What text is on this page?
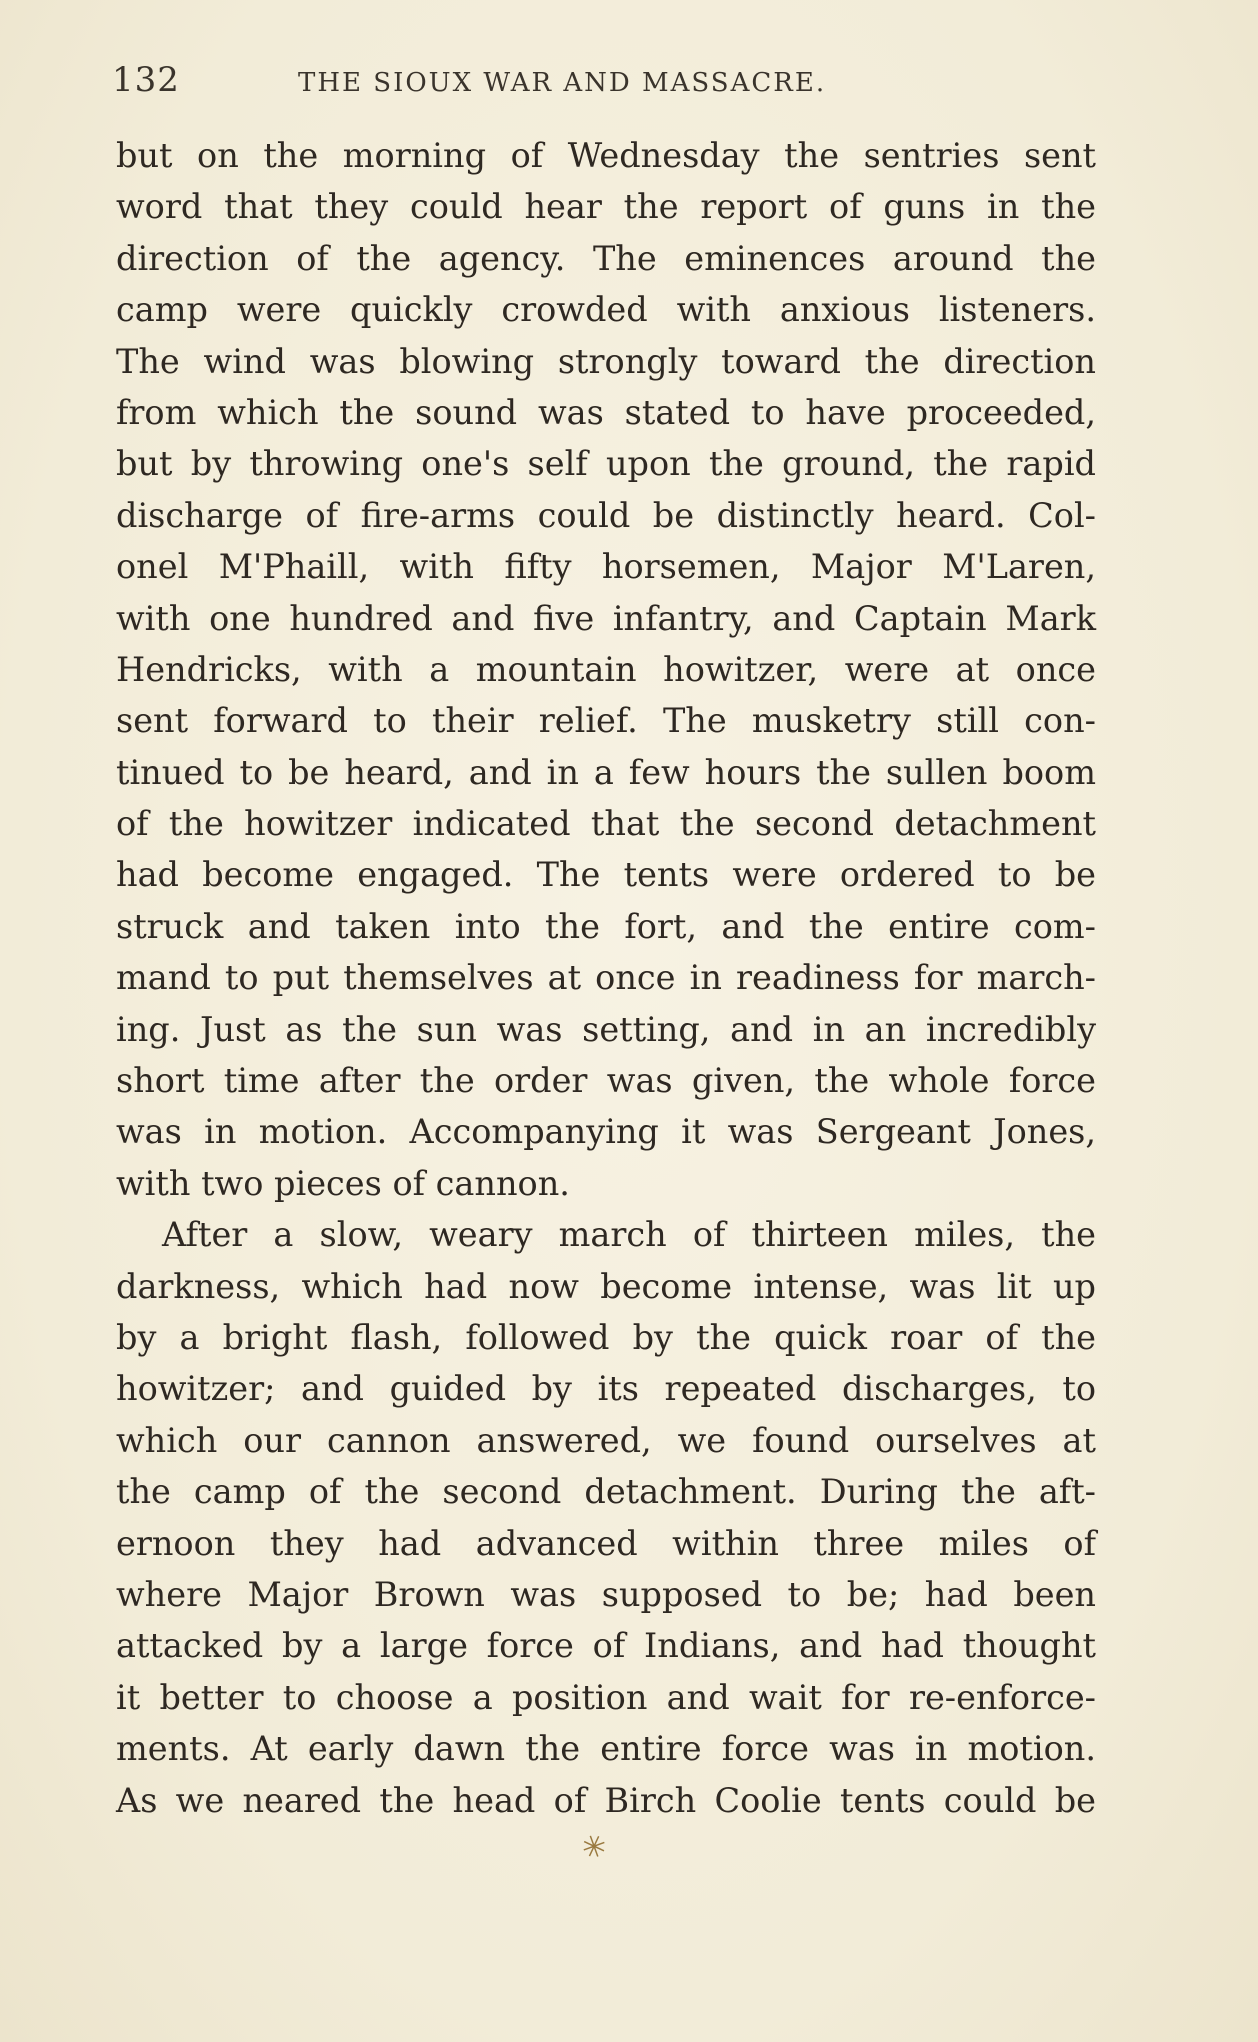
132	THE SIOUX WAR AND MASSACRE.
but on the morning of Wednesday the sentries sent
word that they could hear the report of guns in the
direction of the agency. The eminences around the
camp were quickly crowded with anxious listeners.
The wind was blowing strongly toward the direction
from which the sound was stated to have proceeded,
but by throwing one's self upon the ground, the rapid
discharge of fire-arms could be distinctly heard. Col-
onel M'Phaill, with fifty horsemen, Major M'Laren,
with one hundred and five infantry, and Captain Mark
Hendricks, with a mountain howitzer, were at once
sent forward to their relief. The musketry still con-
tinued to be heard, and in a few hours the sullen boom
of the howitzer indicated that the second detachment
had become engaged. The tents were ordered to be
struck and taken into the fort, and the entire com-
mand to put themselves at once in readiness for march-
ing. Just as the sun was setting, and in an incredibly
short time after the order was given, the whole force
was in motion. Accompanying it was Sergeant Jones,
with two pieces of cannon.
After a slow, weary march of thirteen miles, the
darkness, which had now become intense, was lit up
by a bright flash, followed by the quick roar of the
howitzer; and guided by its repeated discharges, to
which our cannon answered, we found ourselves at
the camp of the second detachment. During the aft-
ernoon they had advanced within three miles of
where Major Brown was supposed to be; had been
attacked by a large force of Indians, and had thought
it better to choose a position and wait for re-enforce-
ments. At early dawn the entire force was in motion.
As we neared the head of Birch Coolie tents could be
✳
